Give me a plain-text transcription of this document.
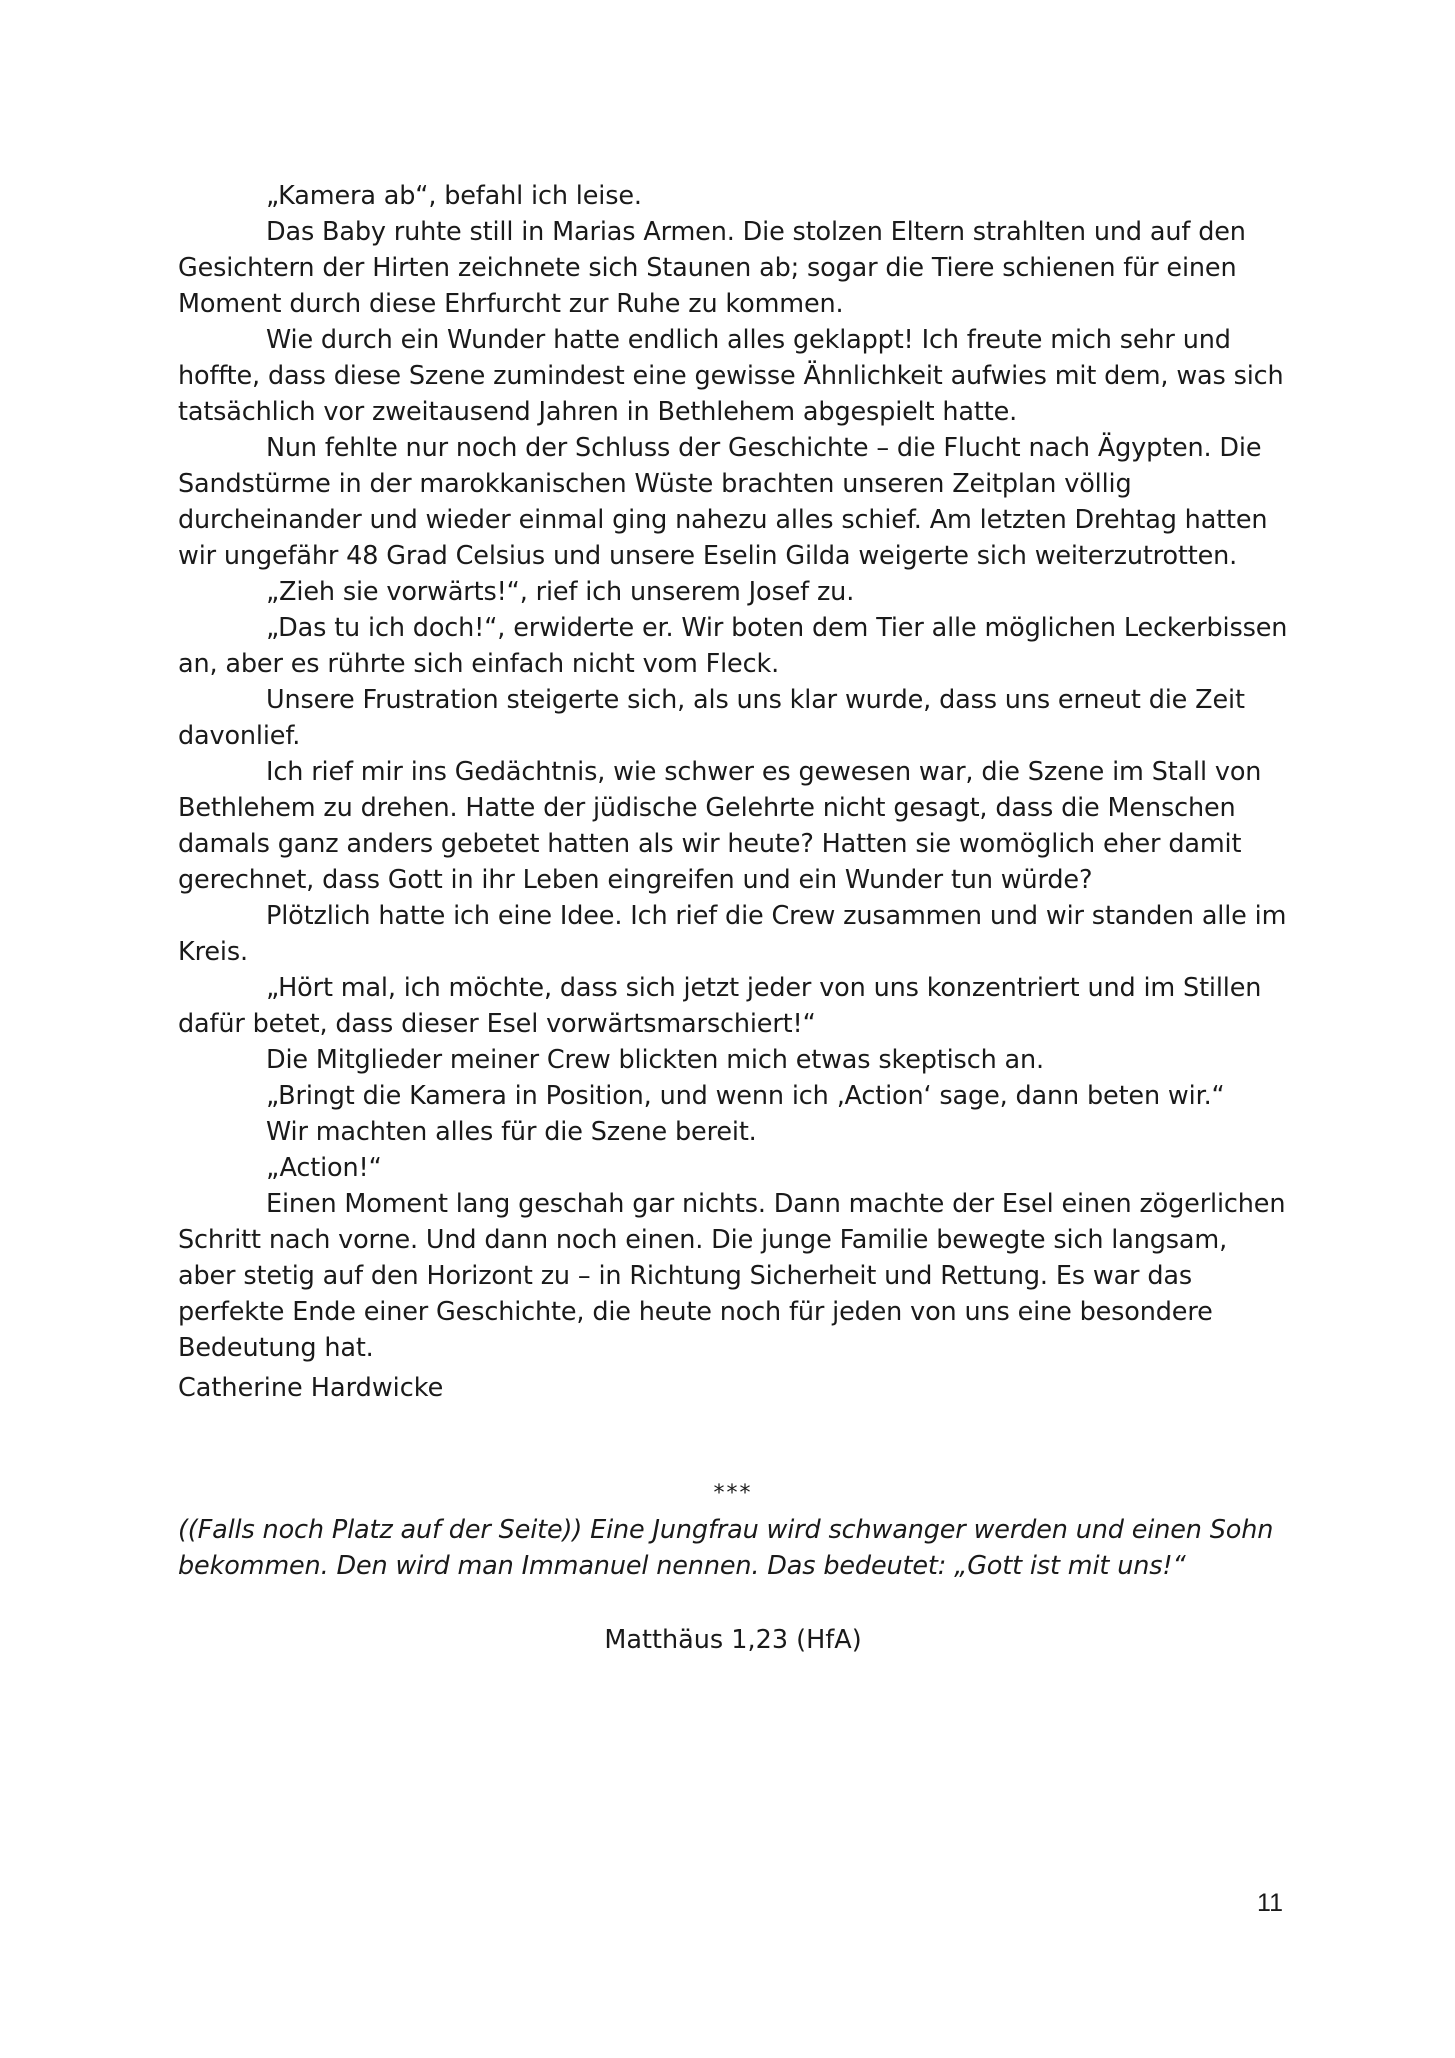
„Kamera ab“, befahl ich leise.

Das Baby ruhte still in Marias Armen. Die stolzen Eltern strahlten und auf den Gesichtern der Hirten zeichnete sich Staunen ab; sogar die Tiere schienen für einen Moment durch diese Ehrfurcht zur Ruhe zu kommen.

Wie durch ein Wunder hatte endlich alles geklappt! Ich freute mich sehr und hoffte, dass diese Szene zumindest eine gewisse Ähnlichkeit aufwies mit dem, was sich tatsächlich vor zweitausend Jahren in Bethlehem abgespielt hatte.

Nun fehlte nur noch der Schluss der Geschichte – die Flucht nach Ägypten. Die Sandstürme in der marokkanischen Wüste brachten unseren Zeitplan völlig durcheinander und wieder einmal ging nahezu alles schief. Am letzten Drehtag hatten wir ungefähr 48 Grad Celsius und unsere Eselin Gilda weigerte sich weiterzutrotten.

„Zieh sie vorwärts!“, rief ich unserem Josef zu.

„Das tu ich doch!“, erwiderte er. Wir boten dem Tier alle möglichen Leckerbissen an, aber es rührte sich einfach nicht vom Fleck.

Unsere Frustration steigerte sich, als uns klar wurde, dass uns erneut die Zeit davonlief.

Ich rief mir ins Gedächtnis, wie schwer es gewesen war, die Szene im Stall von Bethlehem zu drehen. Hatte der jüdische Gelehrte nicht gesagt, dass die Menschen damals ganz anders gebetet hatten als wir heute? Hatten sie womöglich eher damit gerechnet, dass Gott in ihr Leben eingreifen und ein Wunder tun würde?

Plötzlich hatte ich eine Idee. Ich rief die Crew zusammen und wir standen alle im Kreis.

„Hört mal, ich möchte, dass sich jetzt jeder von uns konzentriert und im Stillen dafür betet, dass dieser Esel vorwärtsmarschiert!“

Die Mitglieder meiner Crew blickten mich etwas skeptisch an.

„Bringt die Kamera in Position, und wenn ich ‚Action‘ sage, dann beten wir.“

Wir machten alles für die Szene bereit.

„Action!“

Einen Moment lang geschah gar nichts. Dann machte der Esel einen zögerlichen Schritt nach vorne. Und dann noch einen. Die junge Familie bewegte sich langsam, aber stetig auf den Horizont zu – in Richtung Sicherheit und Rettung. Es war das perfekte Ende einer Geschichte, die heute noch für jeden von uns eine besondere Bedeutung hat.

Catherine Hardwicke
***
((Falls noch Platz auf der Seite)) Eine Jungfrau wird schwanger werden und einen Sohn bekommen. Den wird man Immanuel nennen. Das bedeutet: „Gott ist mit uns!“
Matthäus 1,23 (HfA)
11
